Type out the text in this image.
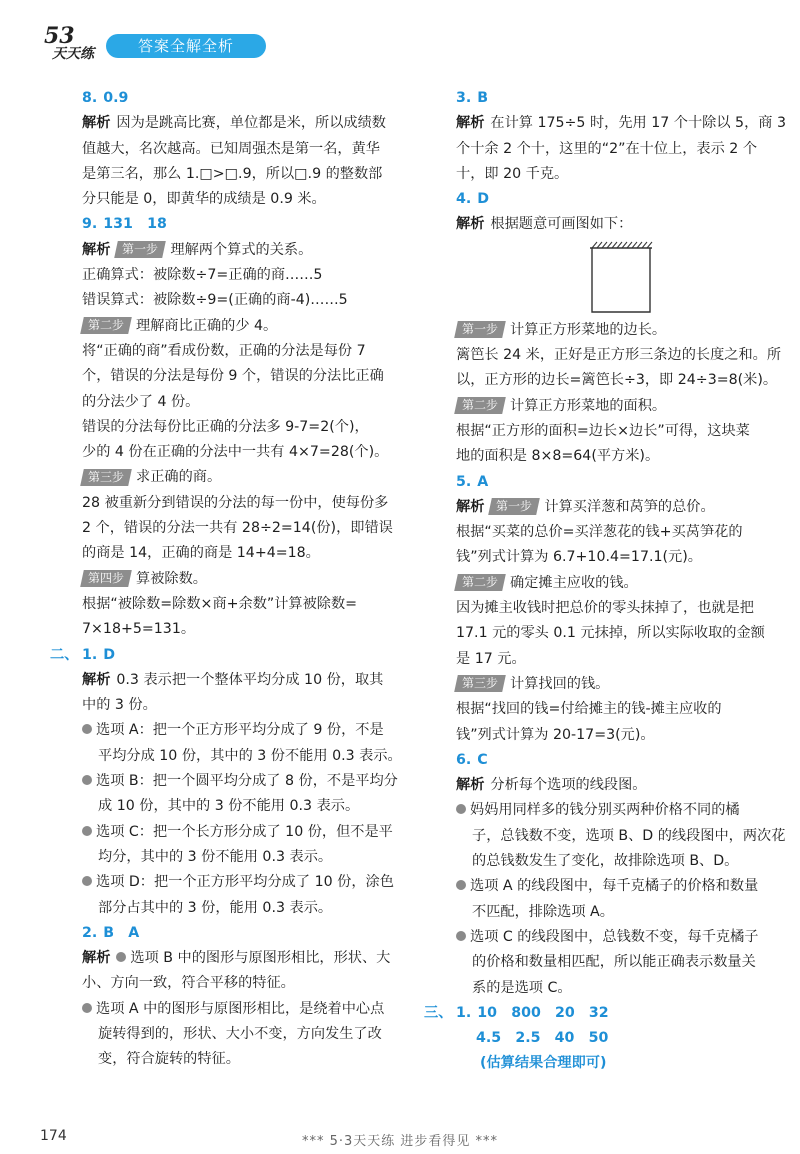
53
天天练	答案全解全析
8. 0.9
解析 因为是跳高比赛，单位都是米，所以成绩数
值越大，名次越高。已知周强杰是第一名，黄华
是第三名，那么 1.□>□.9，所以□.9 的整数部
分只能是 0，即黄华的成绩是 0.9 米。
9. 131　18
解析 第一步 理解两个算式的关系。
正确算式：被除数÷7=正确的商……5
错误算式：被除数÷9=(正确的商-4)……5
第二步 理解商比正确的少 4。
将“正确的商”看成份数，正确的分法是每份 7
个，错误的分法是每份 9 个，错误的分法比正确
的分法少了 4 份。
错误的分法每份比正确的分法多 9-7=2(个)，
少的 4 份在正确的分法中一共有 4×7=28(个)。
第三步 求正确的商。
28 被重新分到错误的分法的每一份中，使每份多
2 个，错误的分法一共有 28÷2=14(份)，即错误
的商是 14，正确的商是 14+4=18。
第四步 算被除数。
根据“被除数=除数×商+余数”计算被除数=
7×18+5=131。
二、 1. D
解析 0.3 表示把一个整体平均分成 10 份，取其
中的 3 份。
选项 A：把一个正方形平均分成了 9 份，不是
平均分成 10 份，其中的 3 份不能用 0.3 表示。
选项 B：把一个圆平均分成了 8 份，不是平均分
成 10 份，其中的 3 份不能用 0.3 表示。
选项 C：把一个长方形分成了 10 份，但不是平
均分，其中的 3 份不能用 0.3 表示。
选项 D：把一个正方形平均分成了 10 份，涂色
部分占其中的 3 份，能用 0.3 表示。
2. B　A
解析 选项 B 中的图形与原图形相比，形状、大
小、方向一致，符合平移的特征。
选项 A 中的图形与原图形相比，是绕着中心点
旋转得到的，形状、大小不变，方向发生了改
变，符合旋转的特征。
3. B
解析 在计算 175÷5 时，先用 17 个十除以 5，商 3
个十余 2 个十，这里的“2”在十位上，表示 2 个
十，即 20 千克。
4. D
解析 根据题意可画图如下：
第一步 计算正方形菜地的边长。
篱笆长 24 米，正好是正方形三条边的长度之和。所
以，正方形的边长=篱笆长÷3，即 24÷3=8(米)。
第二步 计算正方形菜地的面积。
根据“正方形的面积=边长×边长”可得，这块菜
地的面积是 8×8=64(平方米)。
5. A
解析 第一步 计算买洋葱和莴笋的总价。
根据“买菜的总价=买洋葱花的钱+买莴笋花的
钱”列式计算为 6.7+10.4=17.1(元)。
第二步 确定摊主应收的钱。
因为摊主收钱时把总价的零头抹掉了，也就是把
17.1 元的零头 0.1 元抹掉，所以实际收取的金额
是 17 元。
第三步 计算找回的钱。
根据“找回的钱=付给摊主的钱-摊主应收的
钱”列式计算为 20-17=3(元)。
6. C
解析 分析每个选项的线段图。
妈妈用同样多的钱分别买两种价格不同的橘
子，总钱数不变，选项 B、D 的线段图中，两次花
的总钱数发生了变化，故排除选项 B、D。
选项 A 的线段图中，每千克橘子的价格和数量
不匹配，排除选项 A。
选项 C 的线段图中，总钱数不变，每千克橘子
的价格和数量相匹配，所以能正确表示数量关
系的是选项 C。
三、 1. 10　800　20　32
4.5　2.5　40　50
(估算结果合理即可)
174	*** 5·3天天练 进步看得见 ***
